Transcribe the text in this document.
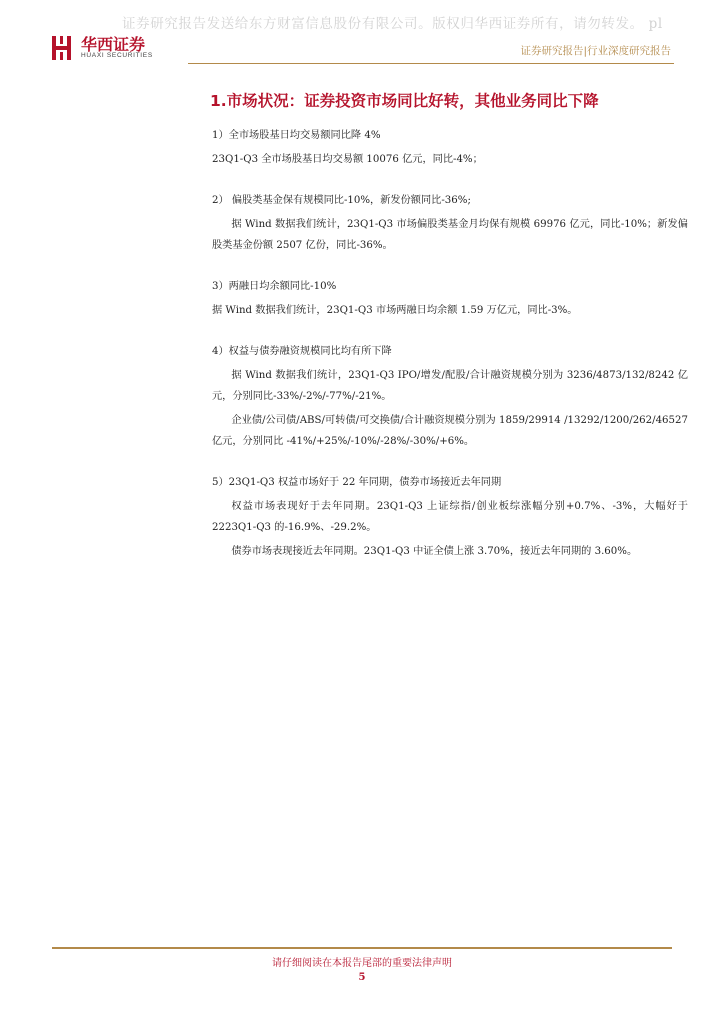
证券研究报告发送给东方财富信息股份有限公司。版权归华西证券所有，请勿转发。 pl
华西证券
HUAXI SECURITIES	证券研究报告|行业深度研究报告
1.市场状况：证券投资市场同比好转，其他业务同比下降

1）全市场股基日均交易额同比降 4%

23Q1-Q3 全市场股基日均交易额 10076 亿元，同比-4%；

2） 偏股类基金保有规模同比-10%，新发份额同比-36%;

据 Wind 数据我们统计，23Q1-Q3 市场偏股类基金月均保有规模 69976 亿元，同比-10%；新发偏股类基金份额 2507 亿份，同比-36%。

3）两融日均余额同比-10%

据 Wind 数据我们统计，23Q1-Q3 市场两融日均余额 1.59 万亿元，同比-3%。

4）权益与债券融资规模同比均有所下降

据 Wind 数据我们统计，23Q1-Q3 IPO/增发/配股/合计融资规模分别为 3236/4873/132/8242 亿元，分别同比-33%/-2%/-77%/-21%。

企业债/公司债/ABS/可转债/可交换债/合计融资规模分别为 1859/29914 /13292/1200/262/46527 亿元，分别同比 -41%/+25%/-10%/-28%/-30%/+6%。

5）23Q1-Q3 权益市场好于 22 年同期，债券市场接近去年同期

权益市场表现好于去年同期。23Q1-Q3 上证综指/创业板综涨幅分别+0.7%、-3%，大幅好于 2223Q1-Q3 的-16.9%、-29.2%。

债券市场表现接近去年同期。23Q1-Q3 中证全债上涨 3.70%，接近去年同期的 3.60%。

请仔细阅读在本报告尾部的重要法律声明
5
